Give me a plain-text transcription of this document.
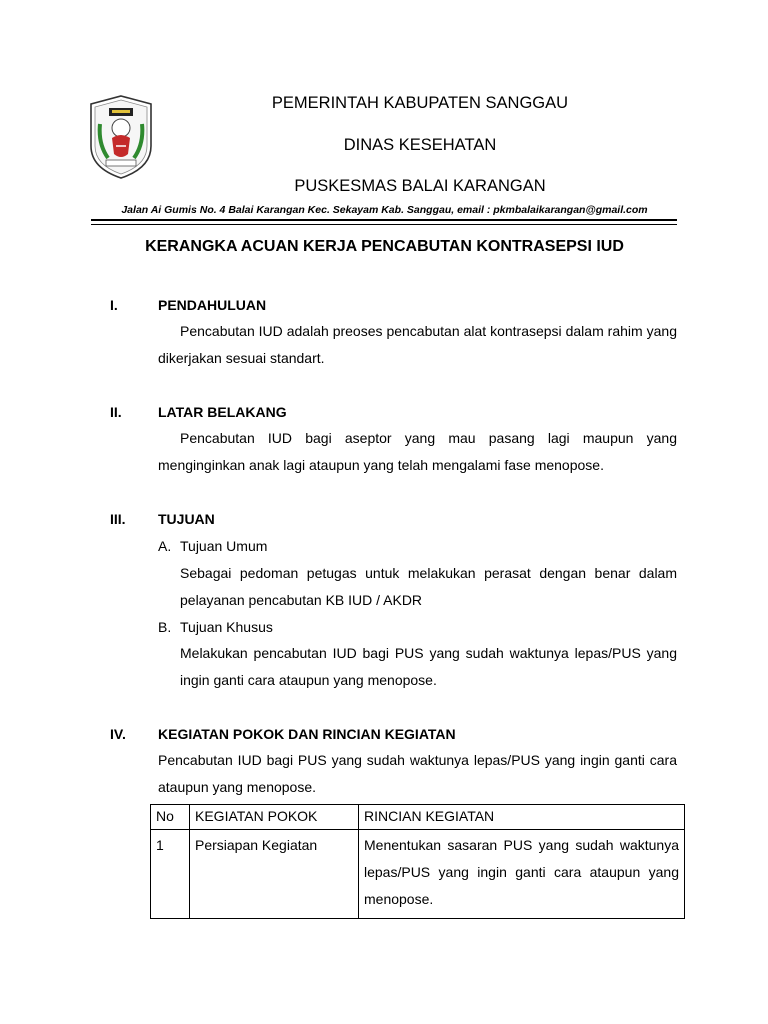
PEMERINTAH KABUPATEN SANGGAU
DINAS KESEHATAN
PUSKESMAS BALAI KARANGAN
Jalan Ai Gumis No. 4 Balai Karangan Kec. Sekayam Kab. Sanggau, email : pkmbalaikarangan@gmail.com
KERANGKA ACUAN KERJA PENCABUTAN KONTRASEPSI IUD
I.	PENDAHULUAN
Pencabutan IUD adalah preoses pencabutan alat kontrasepsi dalam rahim yang dikerjakan sesuai standart.
II.	LATAR BELAKANG
Pencabutan IUD bagi aseptor yang mau pasang lagi maupun yang menginginkan anak lagi ataupun yang telah mengalami fase menopose.
III. TUJUAN
A. Tujuan Umum
Sebagai pedoman petugas untuk melakukan perasat dengan benar dalam pelayanan pencabutan KB IUD / AKDR
B. Tujuan Khusus
Melakukan pencabutan IUD bagi PUS yang sudah waktunya lepas/PUS yang ingin ganti cara ataupun yang menopose.
IV. KEGIATAN POKOK DAN RINCIAN KEGIATAN
Pencabutan IUD bagi PUS yang sudah waktunya lepas/PUS yang ingin ganti cara ataupun yang menopose.
No	KEGIATAN POKOK	RINCIAN KEGIATAN
1	Persiapan Kegiatan	Menentukan sasaran PUS yang sudah waktunya lepas/PUS yang ingin ganti cara ataupun yang menopose.
